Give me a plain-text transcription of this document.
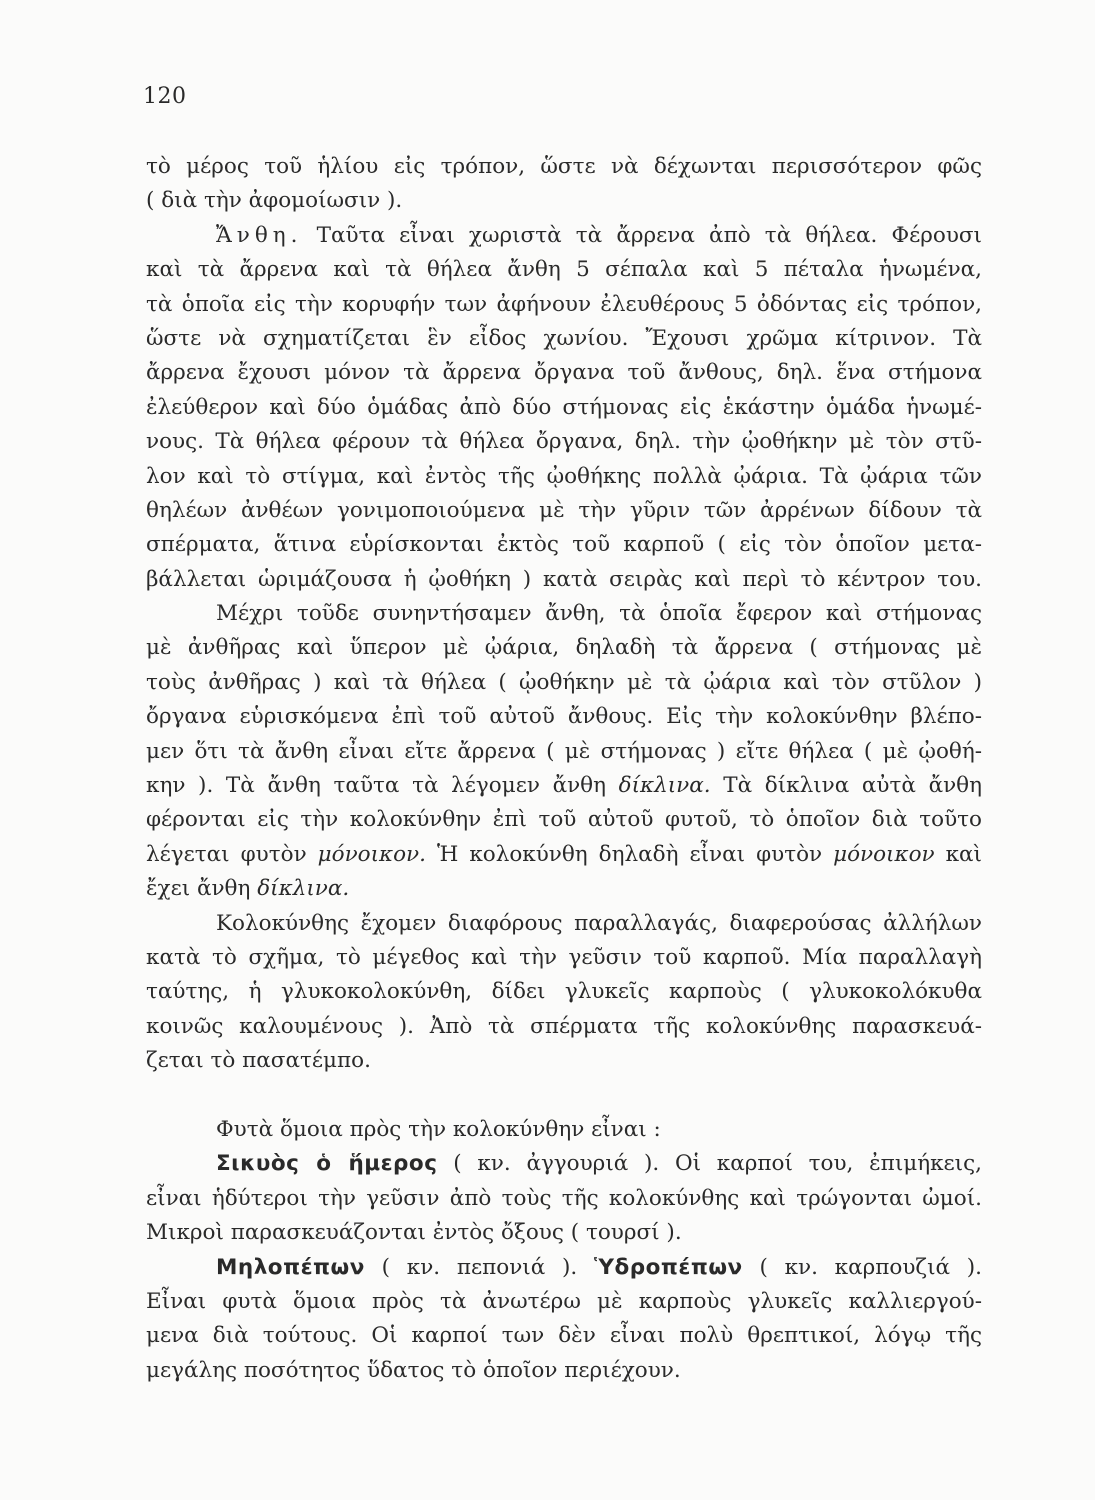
120
τὸ μέρος τοῦ ἡλίου εἰς τρόπον, ὥστε νὰ δέχωνται περισσότερον φῶς
( διὰ τὴν ἀφομοίωσιν ).
Ἄνθη. Ταῦτα εἶναι χωριστὰ τὰ ἄρρενα ἀπὸ τὰ θήλεα. Φέρουσι
καὶ τὰ ἄρρενα καὶ τὰ θήλεα ἄνθη 5 σέπαλα καὶ 5 πέταλα ἡνωμένα,
τὰ ὁποῖα εἰς τὴν κορυφήν των ἀφήνουν ἐλευθέρους 5 ὀδόντας εἰς τρόπον,
ὥστε νὰ σχηματίζεται ἓν εἶδος χωνίου. Ἔχουσι χρῶμα κίτρινον. Τὰ
ἄρρενα ἔχουσι μόνον τὰ ἄρρενα ὄργανα τοῦ ἄνθους, δηλ. ἕνα στήμονα
ἐλεύθερον καὶ δύο ὁμάδας ἀπὸ δύο στήμονας εἰς ἑκάστην ὁμάδα ἡνωμέ-
νους. Τὰ θήλεα φέρουν τὰ θήλεα ὄργανα, δηλ. τὴν ᾠοθήκην μὲ τὸν στῦ-
λον καὶ τὸ στίγμα, καὶ ἐντὸς τῆς ᾠοθήκης πολλὰ ᾠάρια. Τὰ ᾠάρια τῶν
θηλέων ἀνθέων γονιμοποιούμενα μὲ τὴν γῦριν τῶν ἀρρένων δίδουν τὰ
σπέρματα, ἅτινα εὑρίσκονται ἐκτὸς τοῦ καρποῦ ( εἰς τὸν ὁποῖον μετα-
βάλλεται ὡριμάζουσα ἡ ᾠοθήκη ) κατὰ σειρὰς καὶ περὶ τὸ κέντρον του.
Μέχρι τοῦδε συνηντήσαμεν ἄνθη, τὰ ὁποῖα ἔφερον καὶ στήμονας
μὲ ἀνθῆρας καὶ ὕπερον μὲ ᾠάρια, δηλαδὴ τὰ ἄρρενα ( στήμονας μὲ
τοὺς ἀνθῆρας ) καὶ τὰ θήλεα ( ᾠοθήκην μὲ τὰ ᾠάρια καὶ τὸν στῦλον )
ὄργανα εὑρισκόμενα ἐπὶ τοῦ αὐτοῦ ἄνθους. Εἰς τὴν κολοκύνθην βλέπο-
μεν ὅτι τὰ ἄνθη εἶναι εἴτε ἄρρενα ( μὲ στήμονας ) εἴτε θήλεα ( μὲ ᾠοθή-
κην ). Τὰ ἄνθη ταῦτα τὰ λέγομεν ἄνθη δίκλινα. Τὰ δίκλινα αὐτὰ ἄνθη
φέρονται εἰς τὴν κολοκύνθην ἐπὶ τοῦ αὐτοῦ φυτοῦ, τὸ ὁποῖον διὰ τοῦτο
λέγεται φυτὸν μόνοικον. Ἡ κολοκύνθη δηλαδὴ εἶναι φυτὸν μόνοικον καὶ
ἔχει ἄνθη δίκλινα.
Κολοκύνθης ἔχομεν διαφόρους παραλλαγάς, διαφερούσας ἀλλήλων
κατὰ τὸ σχῆμα, τὸ μέγεθος καὶ τὴν γεῦσιν τοῦ καρποῦ. Μία παραλλαγὴ
ταύτης, ἡ γλυκοκολοκύνθη, δίδει γλυκεῖς καρποὺς ( γλυκοκολόκυθα
κοινῶς καλουμένους ). Ἀπὸ τὰ σπέρματα τῆς κολοκύνθης παρασκευά-
ζεται τὸ πασατέμπο.
Φυτὰ ὅμοια πρὸς τὴν κολοκύνθην εἶναι :
Σικυὸς ὁ ἥμερος ( κν. ἀγγουριά ). Οἱ καρποί του, ἐπιμήκεις,
εἶναι ἡδύτεροι τὴν γεῦσιν ἀπὸ τοὺς τῆς κολοκύνθης καὶ τρώγονται ὠμοί.
Μικροὶ παρασκευάζονται ἐντὸς ὄξους ( τουρσί ).
Μηλοπέπων ( κν. πεπονιά ). Ὑδροπέπων ( κν. καρπουζιά ).
Εἶναι φυτὰ ὅμοια πρὸς τὰ ἀνωτέρω μὲ καρποὺς γλυκεῖς καλλιεργού-
μενα διὰ τούτους. Οἱ καρποί των δὲν εἶναι πολὺ θρεπτικοί, λόγῳ τῆς
μεγάλης ποσότητος ὕδατος τὸ ὁποῖον περιέχουν.
